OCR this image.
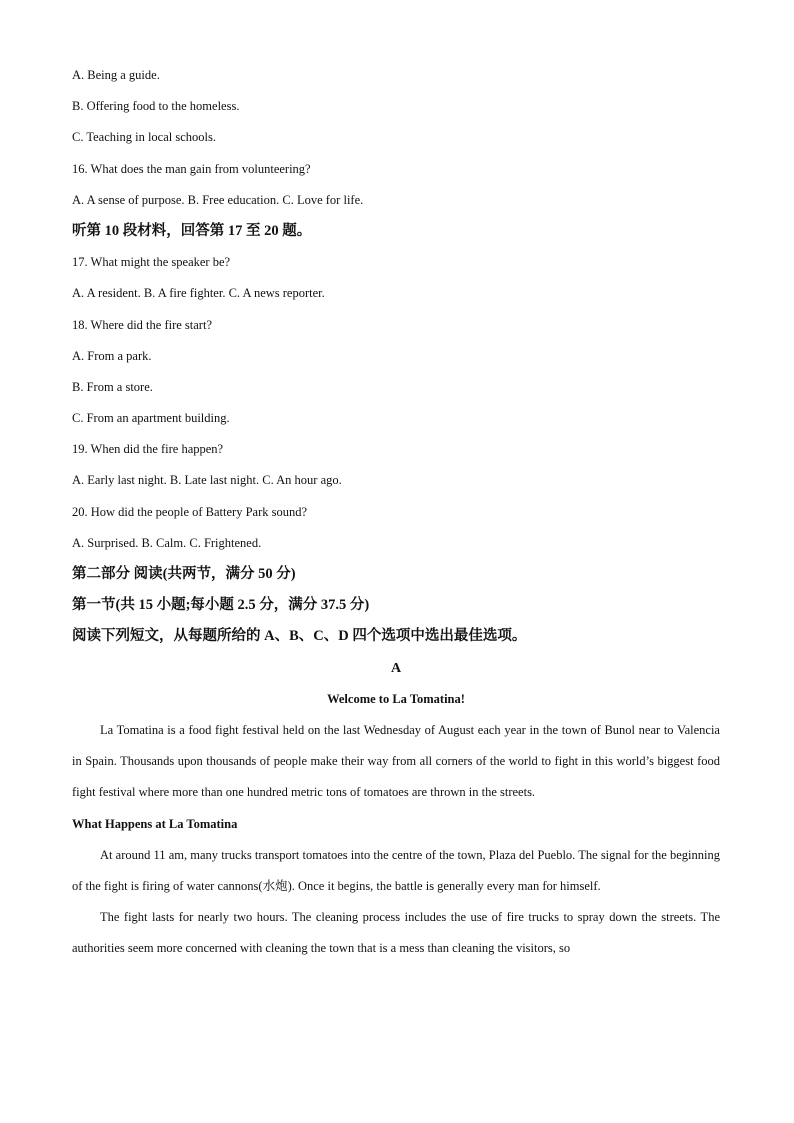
A. Being a guide.
B. Offering food to the homeless.
C. Teaching in local schools.
16. What does the man gain from volunteering?
A. A sense of purpose. B. Free education. C. Love for life.
听第 10 段材料，回答第 17 至 20 题。
17. What might the speaker be?
A. A resident. B. A fire fighter. C. A news reporter.
18. Where did the fire start?
A. From a park.
B. From a store.
C. From an apartment building.
19. When did the fire happen?
A. Early last night. B. Late last night. C. An hour ago.
20. How did the people of Battery Park sound?
A. Surprised. B. Calm. C. Frightened.
第二部分 阅读(共两节，满分 50 分)
第一节(共 15 小题;每小题 2.5 分，满分 37.5 分)
阅读下列短文，从每题所给的 A、B、C、D 四个选项中选出最佳选项。
A
Welcome to La Tomatina!

La Tomatina is a food fight festival held on the last Wednesday of August each year in the town of Bunol near to Valencia in Spain. Thousands upon thousands of people make their way from all corners of the world to fight in this world’s biggest food fight festival where more than one hundred metric tons of tomatoes are thrown in the streets.

What Happens at La Tomatina

At around 11 am, many trucks transport tomatoes into the centre of the town, Plaza del Pueblo. The signal for the beginning of the fight is firing of water cannons(水炮). Once it begins, the battle is generally every man for himself.

The fight lasts for nearly two hours. The cleaning process includes the use of fire trucks to spray down the streets. The authorities seem more concerned with cleaning the town that is a mess than cleaning the visitors, so
